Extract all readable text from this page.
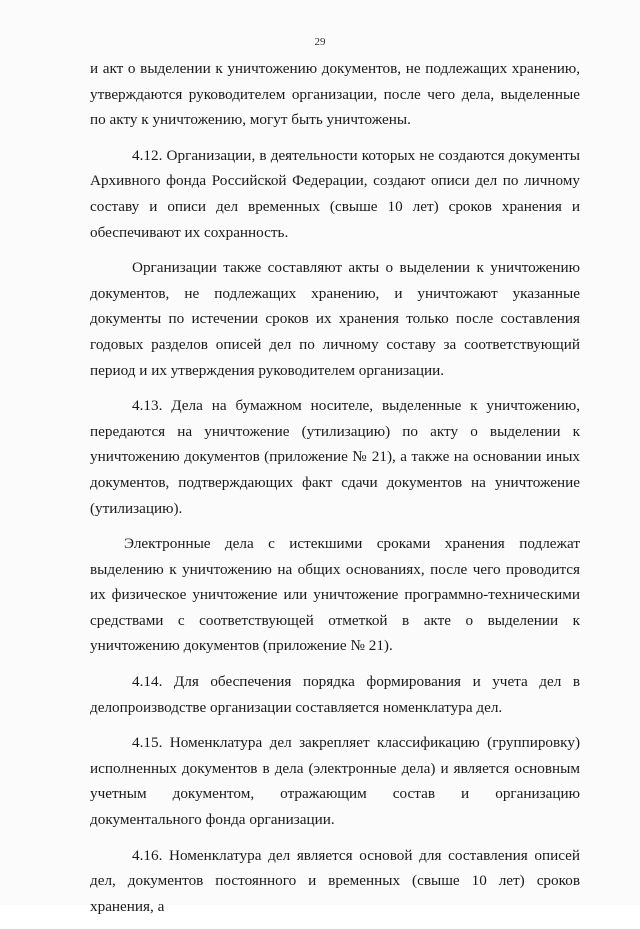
29

и акт о выделении к уничтожению документов, не подлежащих хранению, утверждаются руководителем организации, после чего дела, выделенные по акту к уничтожению, могут быть уничтожены.

4.12. Организации, в деятельности которых не создаются документы Архивного фонда Российской Федерации, создают описи дел по личному составу и описи дел временных (свыше 10 лет) сроков хранения и обеспечивают их сохранность.

Организации также составляют акты о выделении к уничтожению документов, не подлежащих хранению, и уничтожают указанные документы по истечении сроков их хранения только после составления годовых разделов описей дел по личному составу за соответствующий период и их утверждения руководителем организации.

4.13. Дела на бумажном носителе, выделенные к уничтожению, передаются на уничтожение (утилизацию) по акту о выделении к уничтожению документов (приложение № 21), а также на основании иных документов, подтверждающих факт сдачи документов на уничтожение (утилизацию).

Электронные дела с истекшими сроками хранения подлежат выделению к уничтожению на общих основаниях, после чего проводится их физическое уничтожение или уничтожение программно-техническими средствами с соответствующей отметкой в акте о выделении к уничтожению документов (приложение № 21).

4.14. Для обеспечения порядка формирования и учета дел в делопроизводстве организации составляется номенклатура дел.

4.15. Номенклатура дел закрепляет классификацию (группировку) исполненных документов в дела (электронные дела) и является основным учетным документом, отражающим состав и организацию документального фонда организации.

4.16. Номенклатура дел является основой для составления описей дел, документов постоянного и временных (свыше 10 лет) сроков хранения, а
